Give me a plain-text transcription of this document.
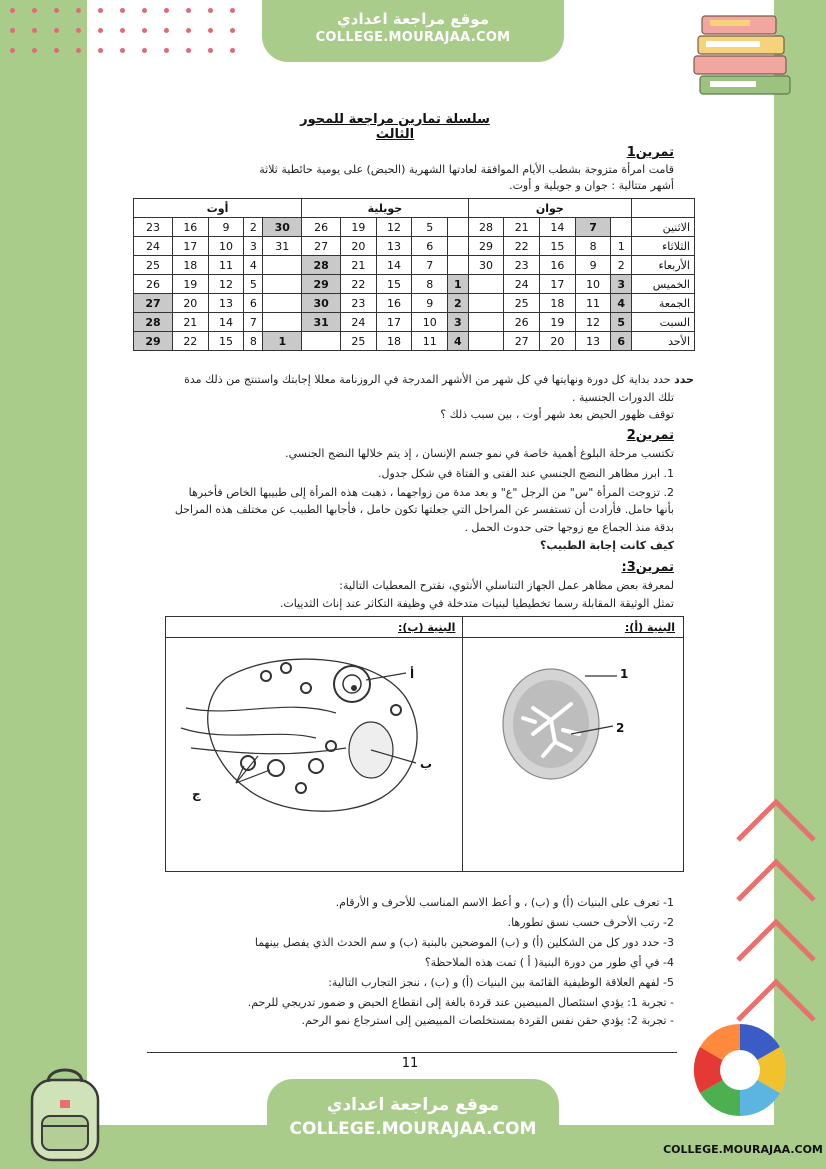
موقع مراجعة اعدادي
COLLEGE.MOURAJAA.COM
سلسلة تمارين مراجعة للمحور الثالث
تمرين1
قامت امرأة متزوجة بشطب الأيام الموافقة لعادتها الشهرية (الحيض) على يومية حائطية ثلاثة
أشهر متتالية : جوان و جويلية و أوت.
	جوان					جويلية					أوت				
الاثنين		7	14	21	28		5	12	19	26	30	2	9	16	23
الثلاثاء	1	8	15	22	29		6	13	20	27	31	3	10	17	24
الأربعاء	2	9	16	23	30		7	14	21	28		4	11	18	25
الخميس	3	10	17	24		1	8	15	22	29		5	12	19	26
الجمعة	4	11	18	25		2	9	16	23	30		6	13	20	27
السبت	5	12	19	26		3	10	17	24	31		7	14	21	28
الأحد	6	13	20	27		4	11	18	25		1	8	15	22	29
حدد حدد بداية كل دورة ونهايتها في كل شهر من الأشهر المدرجة في الروزنامة معللا إجابتك واستنتج من ذلك مدة
تلك الدورات الجنسية .
توقف ظهور الحيض بعد شهر أوت ، بين سبب ذلك ؟
تمرين2
تكتسب مرحلة البلوغ أهمية خاصة في نمو جسم الإنسان ، إذ يتم خلالها النضج الجنسي.
1. ابرز مظاهر النضج الجنسي عند الفتى و الفتاة في شكل جدول.
2. تزوجت المرأة "س" من الرجل "ع" و بعد مدة من زواجهما ، ذهبت هذه المرأة إلى طبيبها الخاص فأخبرها
بأنها حامل. فأرادت أن تستفسر عن المراحل التي جعلتها تكون حامل ، فأجابها الطبيب عن مختلف هذه المراحل
بدقة منذ الجماع مع زوجها حتى حدوث الحمل .
كيف كانت إجابة الطبيب؟
تمرين3:
لمعرفة بعض مظاهر عمل الجهاز التناسلي الأنثوي، نقترح المعطيات التالية:
تمثل الوثيقة المقابلة رسما تخطيطيا لبنيات متدخلة في وظيفة التكاثر عند إناث الثدييات.
البنية (أ):
البنية (ب):
ب
أ
ج
1
2
1- تعرف على البنيات (أ) و (ب) ، و أعط الاسم المناسب للأحرف و الأرقام.
2- رتب الأحرف حسب نسق تطورها.
3- حدد دور كل من الشكلين (أ) و (ب) الموضحين بالبنية (ب) و سم الحدث الذي يفصل بينهما
4- في أي طور من دورة البنية( أ ) تمت هذه الملاحظة؟
5- لفهم العلاقة الوظيفية القائمة بين البنيات (أ) و (ب) ، ننجز التجارب التالية:
- تجربة 1: يؤدي استئصال المبيضين عند قردة بالغة إلى انقطاع الحيض و ضمور تدريجي للرحم.
- تجربة 2: يؤدي حقن نفس القردة بمستخلصات المبيضين إلى استرجاع نمو الرحم.
11
COLLEGE.MOURAJAA.COM
موقع مراجعة اعدادي
COLLEGE.MOURAJAA.COM
